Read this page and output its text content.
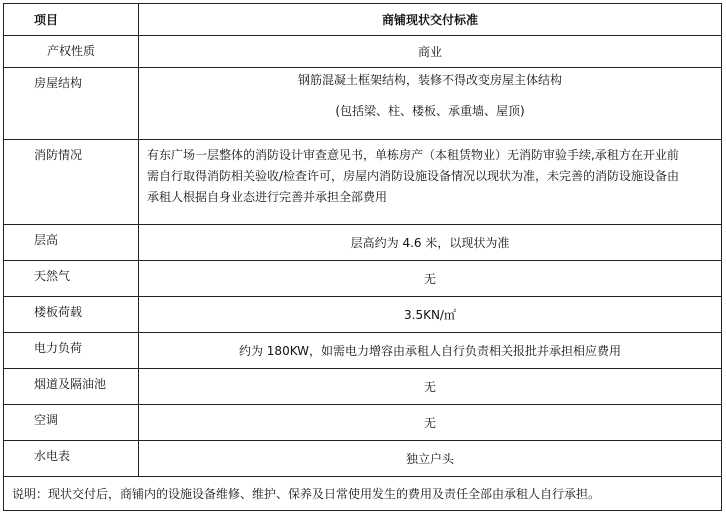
项目	商铺现状交付标准
产权性质	商业
房屋结构	钢筋混凝土框架结构，装修不得改变房屋主体结构
(包括梁、柱、楼板、承重墙、屋顶)

消防情况	有东广场一层整体的消防设计审查意见书，单栋房产（本租赁物业）无消防审验手续,承租方在开业前
需自行取得消防相关验收/检查许可，房屋内消防设施设备情况以现状为准，未完善的消防设施设备由
承租人根据自身业态进行完善并承担全部费用

层高	层高约为 4.6 米，以现状为准
天然气	无
楼板荷载	3.5KN/㎡
电力负荷	约为 180KW，如需电力增容由承租人自行负责相关报批并承担相应费用
烟道及隔油池	无
空调	无
水电表	独立户头
说明：现状交付后，商铺内的设施设备维修、维护、保养及日常使用发生的费用及责任全部由承租人自行承担。	
